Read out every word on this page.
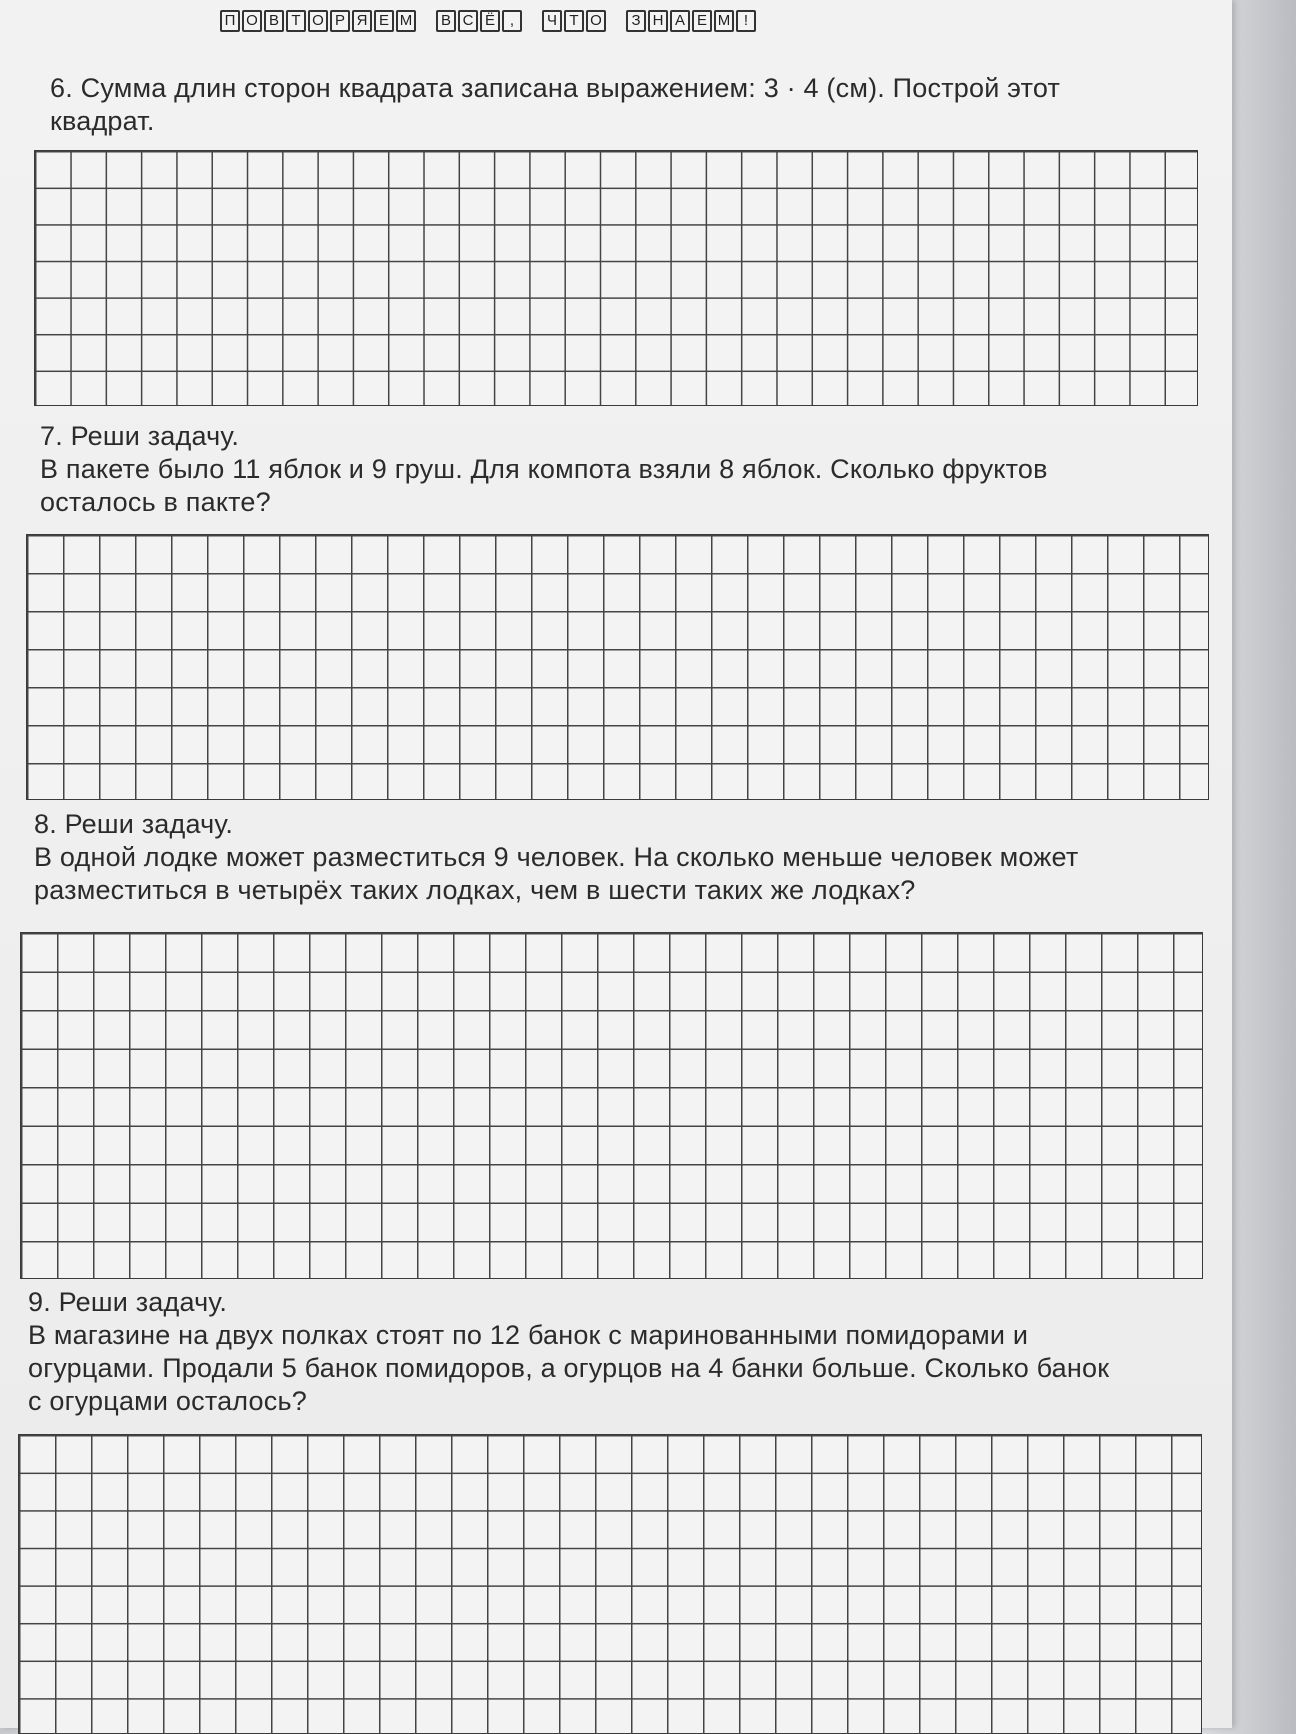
П О В Т О Р Я Е М	В С Ё ,	Ч Т О	З Н А Е М !

6. Сумма длин сторон квадрата записана выражением: 3 · 4 (см). Построй этот

квадрат.

7. Реши задачу.

В пакете было 11 яблок и 9 груш. Для компота взяли 8 яблок. Сколько фруктов

осталось в пакте?

8. Реши задачу.

В одной лодке может разместиться 9 человек. На сколько меньше человек может

разместиться в четырёх таких лодках, чем в шести таких же лодках?

9. Реши задачу.

В магазине на двух полках стоят по 12 банок с маринованными помидорами и

огурцами. Продали 5 банок помидоров, а огурцов на 4 банки больше. Сколько банок

с огурцами осталось?
